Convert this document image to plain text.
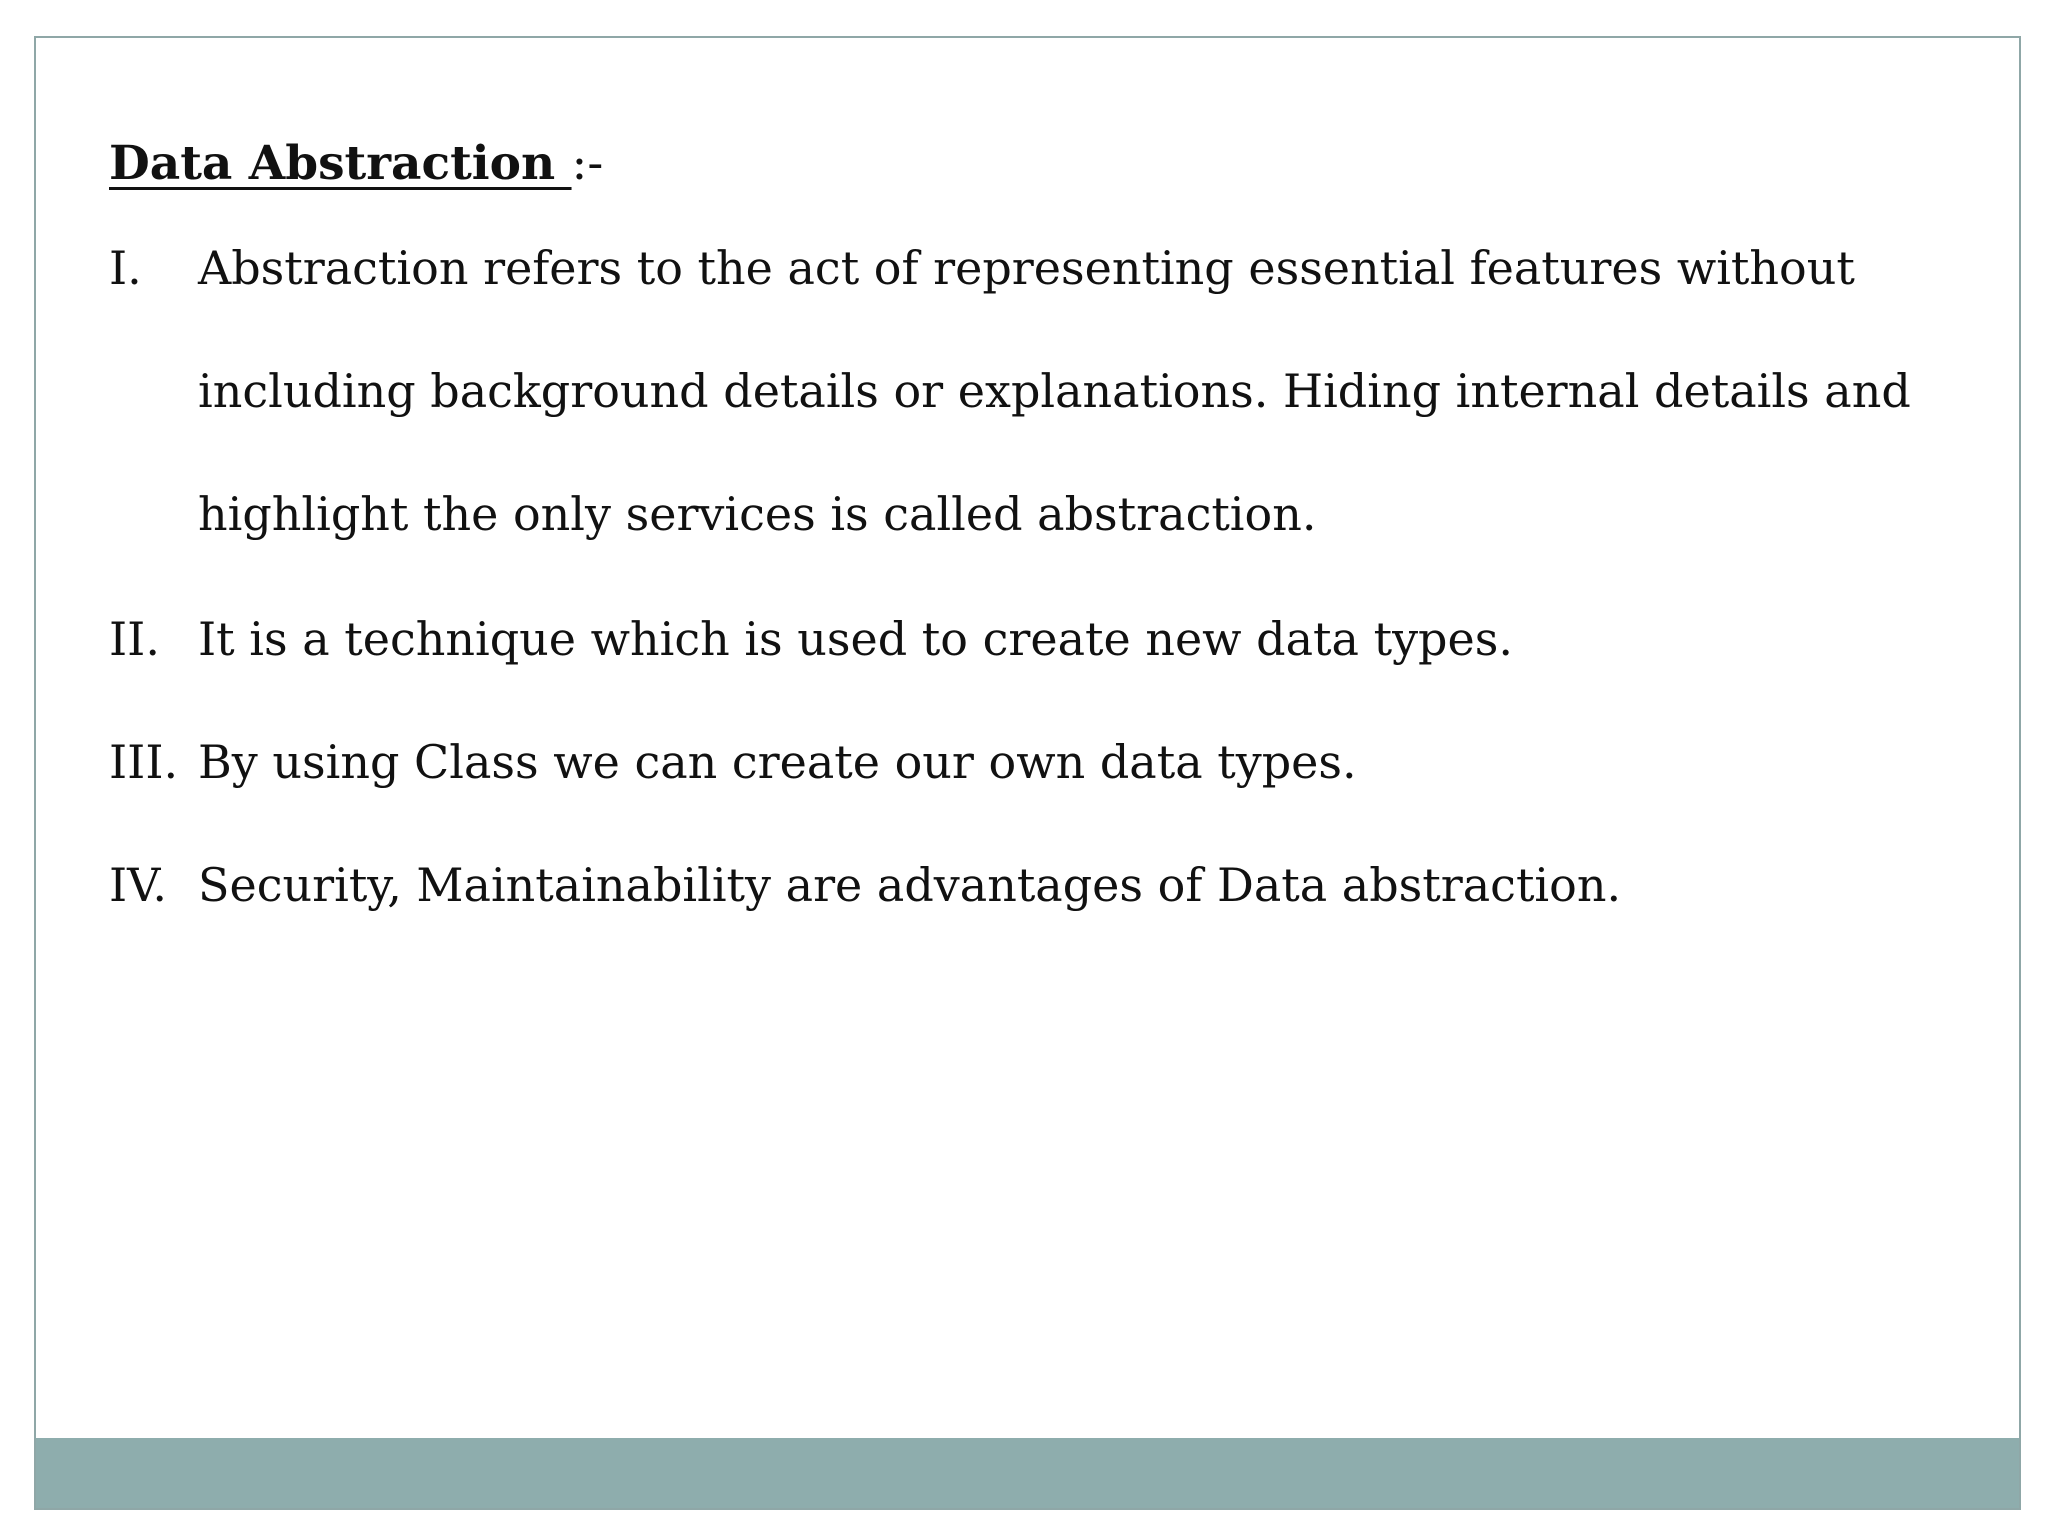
Data Abstraction :-
I. Abstraction refers to the act of representing essential features without
including background details or explanations. Hiding internal details and
highlight the only services is called abstraction.
II. It is a technique which is used to create new data types.
III. By using Class we can create our own data types.
IV. Security, Maintainability are advantages of Data abstraction.
